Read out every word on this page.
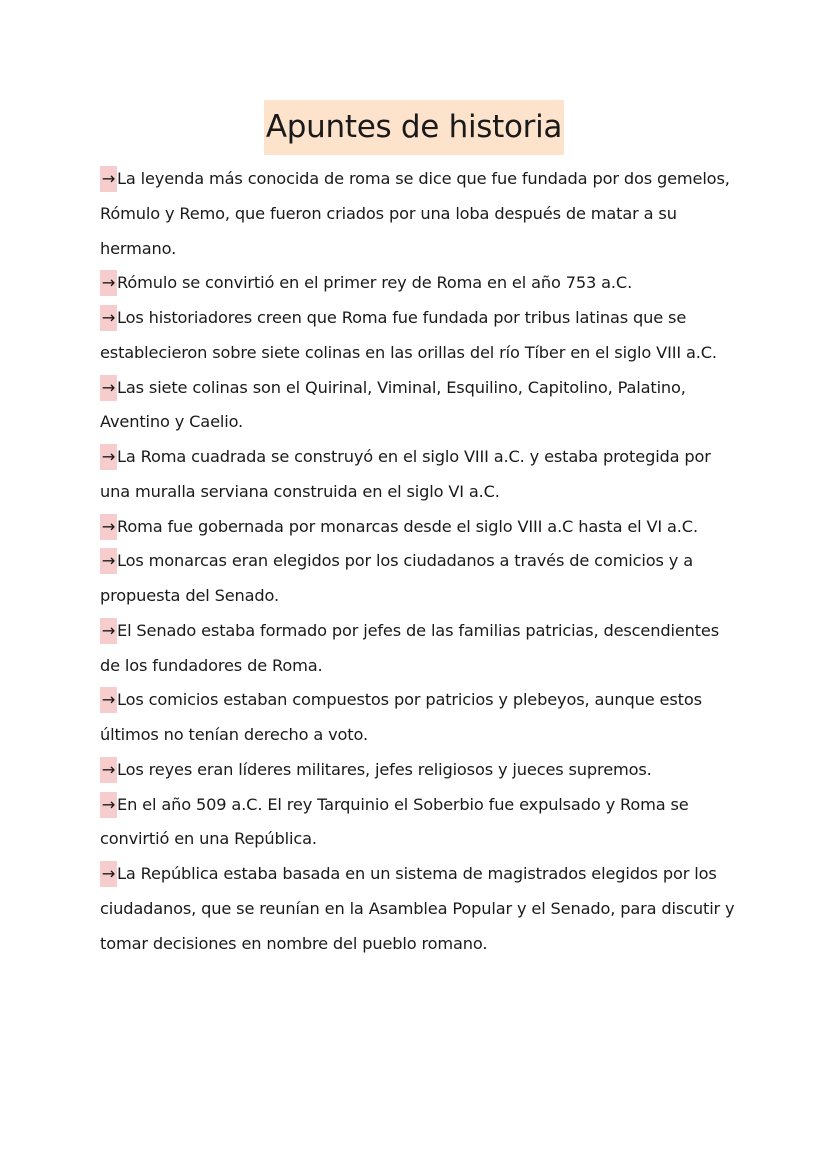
Apuntes de historia

→ La leyenda más conocida de roma se dice que fue fundada por dos gemelos, Rómulo y Remo, que fueron criados por una loba después de matar a su hermano.

→ Rómulo se convirtió en el primer rey de Roma en el año 753 a.C.

→ Los historiadores creen que Roma fue fundada por tribus latinas que se establecieron sobre siete colinas en las orillas del río Tíber en el siglo VIII a.C.

→ Las siete colinas son el Quirinal, Viminal, Esquilino, Capitolino, Palatino, Aventino y Caelio.

→ La Roma cuadrada se construyó en el siglo VIII a.C. y estaba protegida por una muralla serviana construida en el siglo VI a.C.

→ Roma fue gobernada por monarcas desde el siglo VIII a.C hasta el VI a.C.

→ Los monarcas eran elegidos por los ciudadanos a través de comicios y a propuesta del Senado.

→ El Senado estaba formado por jefes de las familias patricias, descendientes de los fundadores de Roma.

→ Los comicios estaban compuestos por patricios y plebeyos, aunque estos últimos no tenían derecho a voto.

→ Los reyes eran líderes militares, jefes religiosos y jueces supremos.

→ En el año 509 a.C. El rey Tarquinio el Soberbio fue expulsado y Roma se convirtió en una República.

→ La República estaba basada en un sistema de magistrados elegidos por los ciudadanos, que se reunían en la Asamblea Popular y el Senado, para discutir y tomar decisiones en nombre del pueblo romano.
